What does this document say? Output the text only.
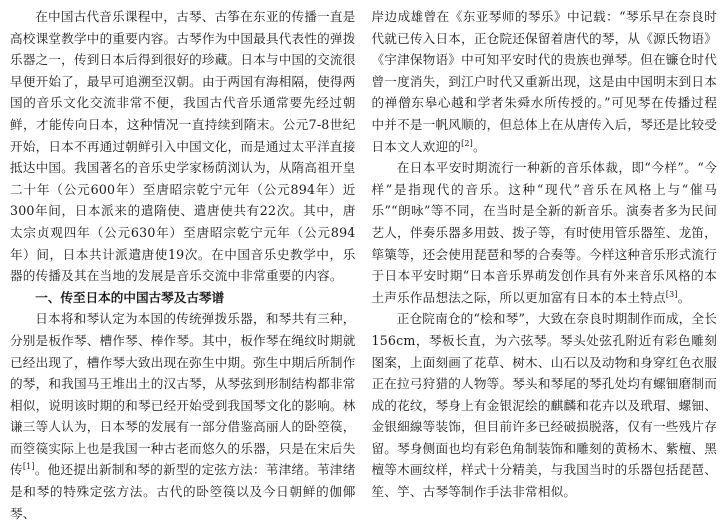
在中国古代音乐课程中，古琴、古筝在东亚的传播一直是高校课堂教学中的重要内容。古琴作为中国最具代表性的弹拨乐器之一，传到日本后得到很好的珍藏。日本与中国的交流很早便开始了，最早可追溯至汉朝。由于两国有海相隔，使得两国的音乐文化交流非常不便，我国古代音乐通常要先经过朝鲜，才能传向日本，这种情况一直持续到隋末。公元7-8世纪开始，日本不再通过朝鲜引入中国文化，而是通过太平洋直接抵达中国。我国著名的音乐史学家杨荫浏认为，从隋高祖开皇二十年（公元600年）至唐昭宗乾宁元年（公元894年）近300年间，日本派来的遣隋使、遣唐使共有22次。其中，唐太宗贞观四年（公元630年）至唐昭宗乾宁元年（公元894年）间，日本共计派遣唐使19次。在中国音乐史教学中，乐器的传播及其在当地的发展是音乐交流中非常重要的内容。

一、传至日本的中国古琴及古琴谱

日本将和琴认定为本国的传统弹拨乐器，和琴共有三种，分别是板作琴、槽作琴、棒作琴。其中，板作琴在绳纹时期就已经出现了，槽作琴大致出现在弥生中期。弥生中期后所制作的琴，和我国马王堆出土的汉古琴，从琴弦到形制结构都非常相似，说明该时期的和琴已经开始受到我国琴文化的影响。林谦三等人认为，日本琴的发展有一部分借鉴高丽人的卧箜篌，而箜篌实际上也是我国一种古老而悠久的乐器，只是在宋后失传[1]。他还提出新制和琴的新型的定弦方法：苇津绪。苇津绪是和琴的特殊定弦方法。古代的卧箜篌以及今日朝鲜的伽倻琴、

岸边成雄曾在《东亚琴师的琴乐》中记载：“琴乐早在奈良时代就已传入日本，正仓院还保留着唐代的琴，从《源氏物语》《宇津保物语》中可知平安时代的贵族也弹琴。但在镰仓时代曾一度消失，到江户时代又重新出现，这是由中国明末到日本的禅僧东皋心越和学者朱舜水所传授的。”可见琴在传播过程中并不是一帆风顺的，但总体上在从唐传入后，琴还是比较受日本文人欢迎的[2]。

在日本平安时期流行一种新的音乐体裁，即“今样”。“今样”是指现代的音乐。这种“现代”音乐在风格上与“催马乐”“朗咏”等不同，在当时是全新的新音乐。演奏者多为民间艺人，伴奏乐器多用鼓、拨子等，有时使用管乐器笙、龙笛，筚篥等，还会使用琵琶和琴的合奏等。今样这种音乐形式流行于日本平安时期“日本音乐界萌发创作具有外来音乐风格的本土声乐作品想法之际，所以更加富有日本的本土特点[3]。

正仓院南仓的“桧和琴”，大致在奈良时期制作而成，全长156cm，琴板长直，为六弦琴。琴头处弦孔附近有彩色雕刻图案，上面刻画了花草、树木、山石以及动物和身穿红色衣服正在拉弓狩猎的人物等。琴头和琴尾的琴孔处均有螺钿磨制而成的花纹，琴身上有金银泥绘的麒麟和花卉以及玳瑁、螺钿、金银細線等装饰，但目前许多已经破损脱落，仅有一些残片存留。琴身侧面也均有彩色角制装饰和雕刻的黄杨木、紫檀、黑檀等木画纹样，样式十分精美，与我国当时的乐器包括琵琶、笙、竽、古琴等制作手法非常相似。
